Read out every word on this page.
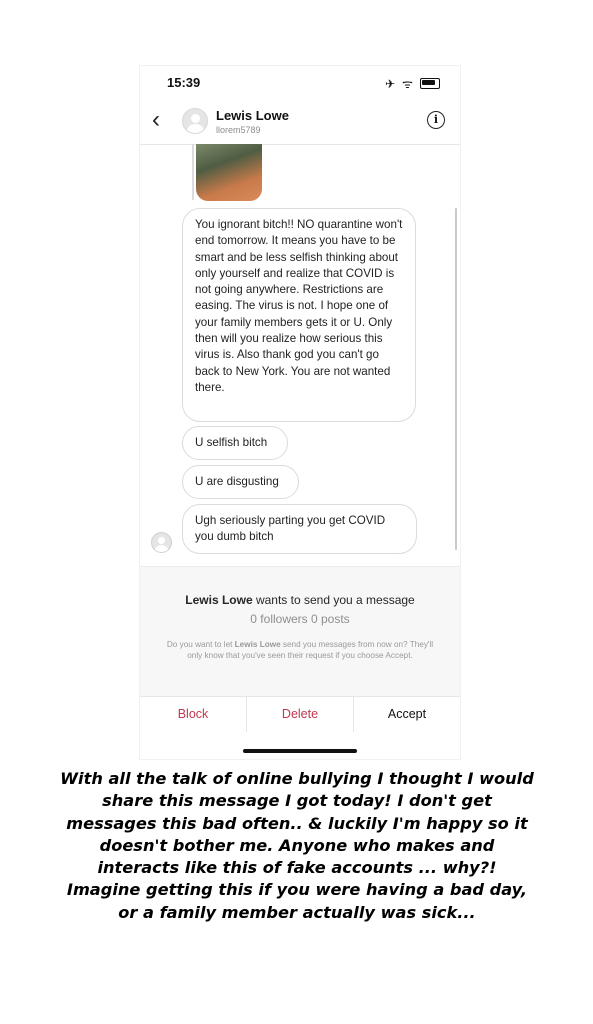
15:39	✈ ᯤ
‹	Lewis Lowe
llorem5789
i
You ignorant bitch!! NO quarantine won't end tomorrow. It means you have to be smart and be less selfish thinking about only yourself and realize that COVID is not going anywhere. Restrictions are easing. The virus is not. I hope one of your family members gets it or U. Only then will you realize how serious this virus is. Also thank god you can't go back to New York. You are not wanted there.
U selfish bitch
U are disgusting
Ugh seriously parting you get COVID you dumb bitch
Lewis Lowe wants to send you a message
0 followers 0 posts
Do you want to let Lewis Lowe send you messages from now on? They'll only know that you've seen their request if you choose Accept.
Block	Delete	Accept
With all the talk of online bullying I thought I would share this message I got today! I don't get messages this bad often.. & luckily I'm happy so it doesn't bother me. Anyone who makes and interacts like this of fake accounts ... why?! Imagine getting this if you were having a bad day, or a family member actually was sick...
